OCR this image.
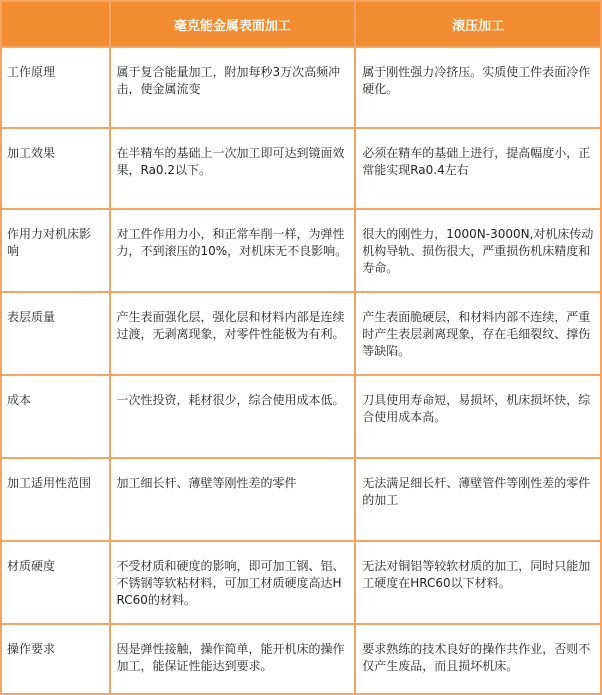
	毫克能金属表面加工	滚压加工
工作原理	属于复合能量加工，附加每秒3万次高频冲击，使金属流变	属于刚性强力冷挤压。实质使工件表面冷作硬化。
加工效果	在半精车的基础上一次加工即可达到镜面效果，Ra0.2以下。	必须在精车的基础上进行，提高幅度小，正常能实现Ra0.4左右
作用力对机床影响	对工件作用力小，和正常车削一样，为弹性力，不到滚压的10%，对机床无不良影响。	很大的刚性力，1000N-3000N,对机床传动机构导轨、损伤很大，严重损伤机床精度和寿命。
表层质量	产生表面强化层，强化层和材料内部是连续过渡，无剥离现象，对零件性能极为有利。	产生表面脆硬层，和材料内部不连续，严重时产生表层剥离现象，存在毛细裂纹、撑伤等缺陷。
成本	一次性投资，耗材很少，综合使用成本低。	刀具使用寿命短，易损坏，机床损坏快，综合使用成本高。
加工适用性范围	加工细长杆、薄壁等刚性差的零件	无法满足细长杆、薄壁管件等刚性差的零件的加工
材质硬度	不受材质和硬度的影响，即可加工钢、铝、不锈钢等软粘材料，可加工材质硬度高达HRC60的材料。	无法对铜铝等较软材质的加工，同时只能加工硬度在HRC60以下材料。
操作要求	因是弹性接触，操作简单，能开机床的操作加工，能保证性能达到要求。	要求熟练的技术良好的操作共作业，否则不仅产生废品，而且损坏机床。
